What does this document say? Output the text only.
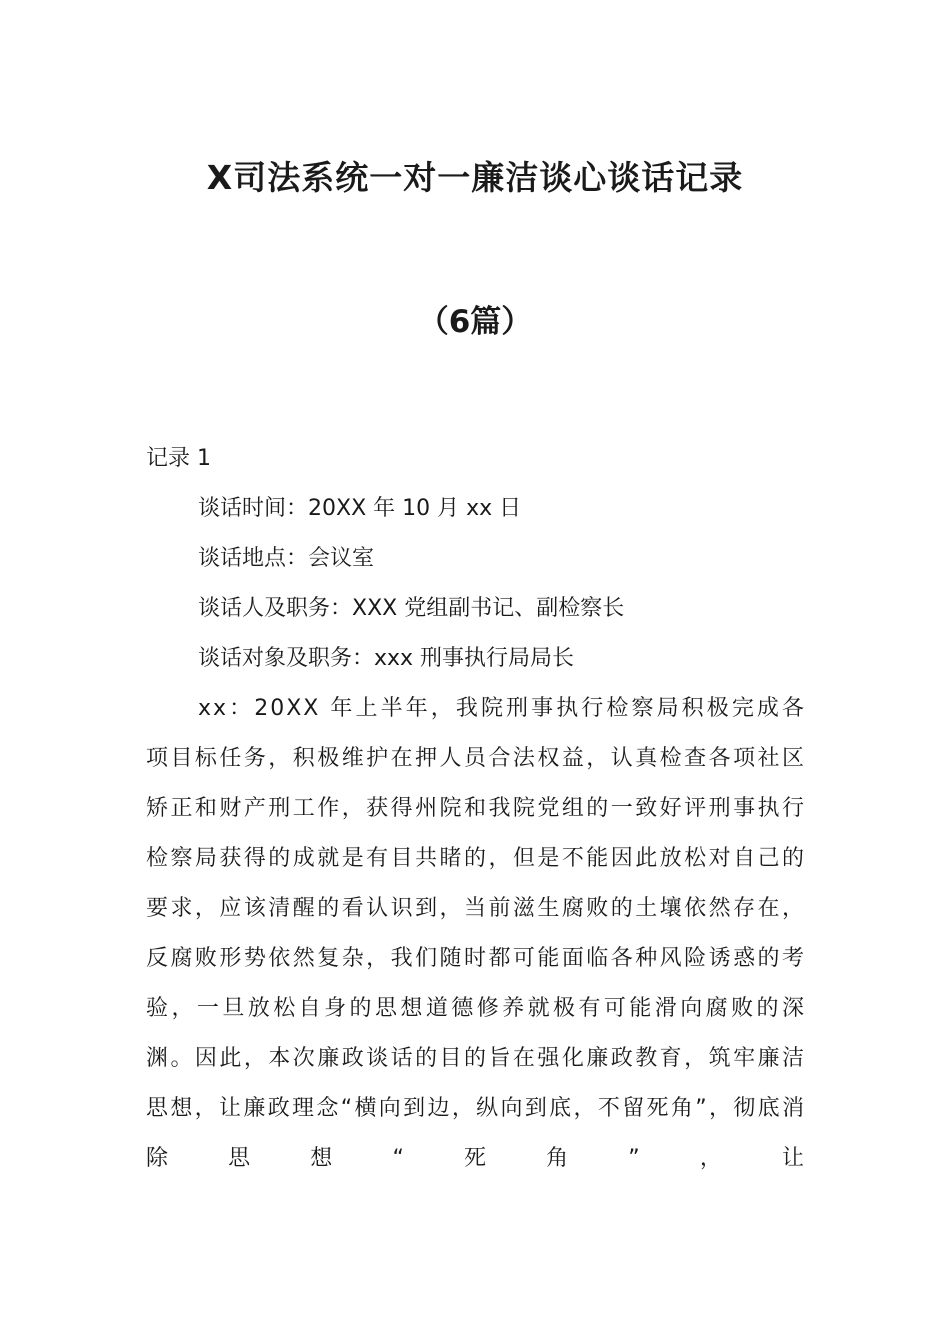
X司法系统一对一廉洁谈心谈话记录
（6篇）

记录 1

谈话时间：20XX 年 10 月 xx 日

谈话地点：会议室

谈话人及职务：XXX 党组副书记、副检察长

谈话对象及职务：xxx 刑事执行局局长

xx：20XX 年上半年，我院刑事执行检察局积极完成各项目标任务，积极维护在押人员合法权益，认真检查各项社区矫正和财产刑工作，获得州院和我院党组的一致好评刑事执行检察局获得的成就是有目共睹的，但是不能因此放松对自己的要求，应该清醒的看认识到，当前滋生腐败的土壤依然存在，反腐败形势依然复杂，我们随时都可能面临各种风险诱惑的考验，一旦放松自身的思想道德修养就极有可能滑向腐败的深渊。因此，本次廉政谈话的目的旨在强化廉政教育，筑牢廉洁思想，让廉政理念“横向到边，纵向到底，不留死角”，彻底消除思想“死角”，让
